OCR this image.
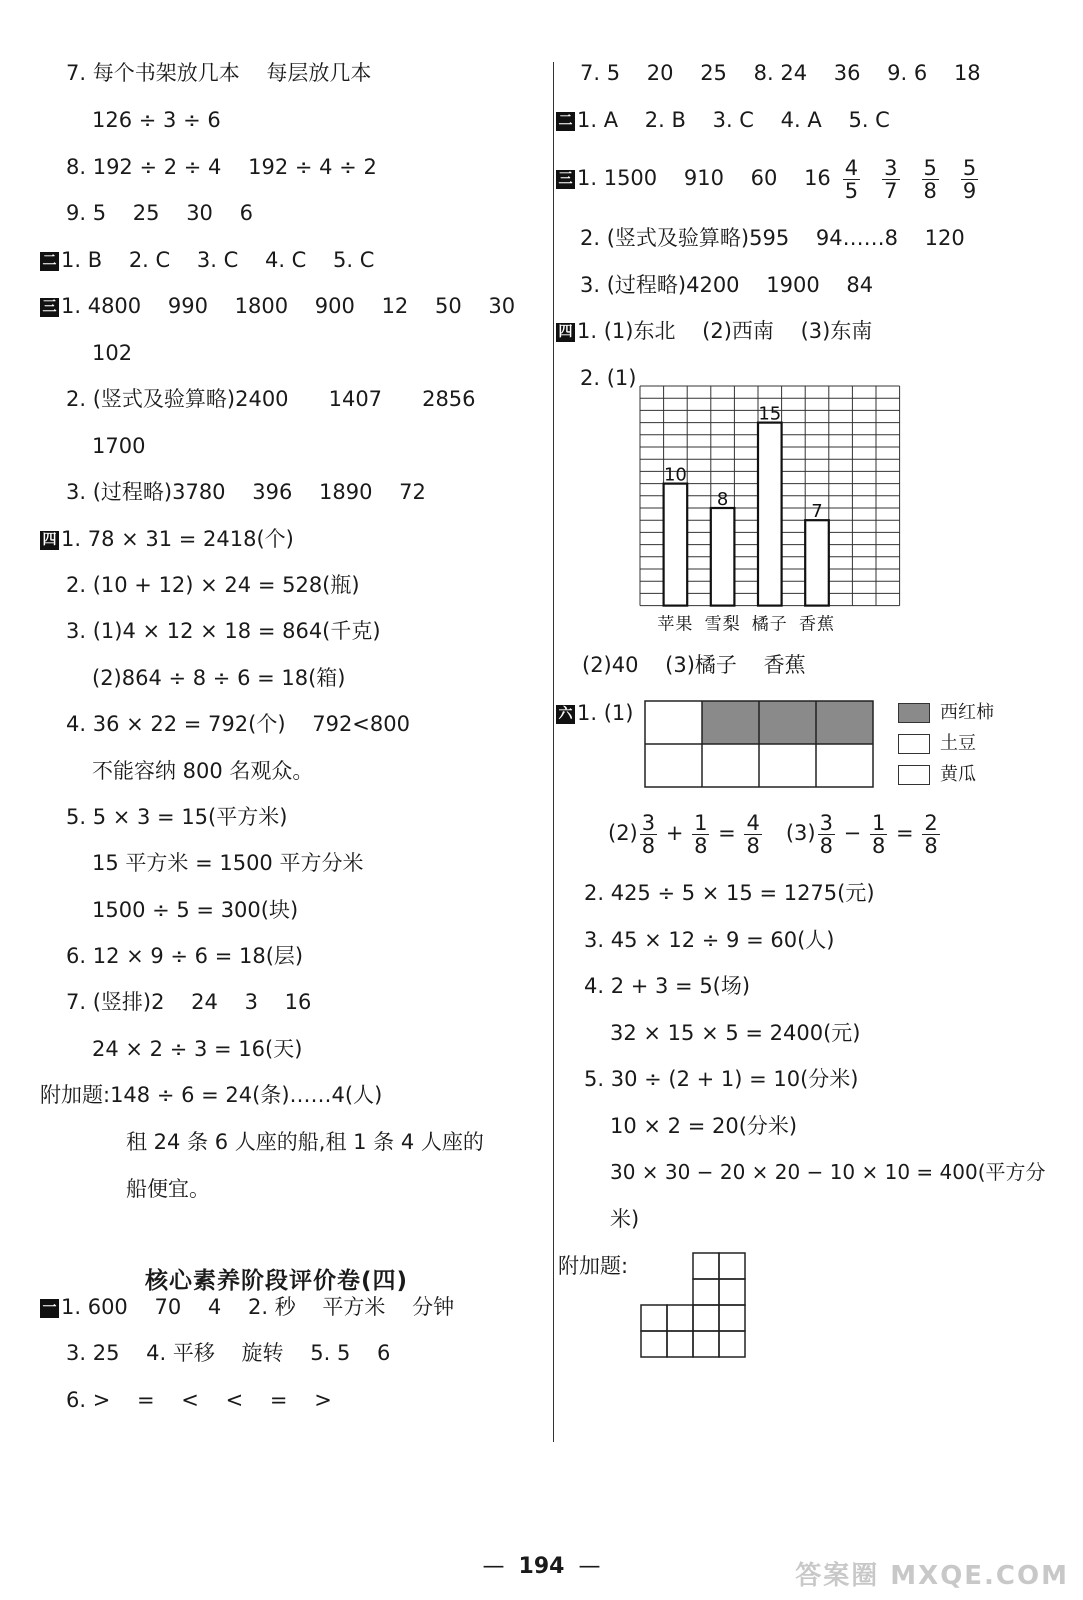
7. 每个书架放几本    每层放几本
126 ÷ 3 ÷ 6
8. 192 ÷ 2 ÷ 4    192 ÷ 4 ÷ 2
9. 5    25    30    6
二 1. B    2. C    3. C    4. C    5. C
三 1. 4800    990    1800    900    12    50    30
102
2. (竖式及验算略)2400      1407      2856
1700
3. (过程略)3780    396    1890    72
四 1. 78 × 31 = 2418(个)
2. (10 + 12) × 24 = 528(瓶)
3. (1)4 × 12 × 18 = 864(千克)
(2)864 ÷ 8 ÷ 6 = 18(箱)
4. 36 × 22 = 792(个)    792<800
不能容纳 800 名观众。
5. 5 × 3 = 15(平方米)
15 平方米 = 1500 平方分米
1500 ÷ 5 = 300(块)
6. 12 × 9 ÷ 6 = 18(层)
7. (竖排)2    24    3    16
24 × 2 ÷ 3 = 16(天)
附加题:148 ÷ 6 = 24(条)……4(人)
租 24 条 6 人座的船,租 1 条 4 人座的
船便宜。
核心素养阶段评价卷(四)
一 1. 600    70    4    2. 秒    平方米    分钟
3. 25    4. 平移    旋转    5. 5    6
6. >    =    <    <    =    >
7. 5    20    25    8. 24    36    9. 6    18
二 1. A    2. B    3. C    4. A    5. C
三 1. 1500    910    60    $16 \frac{4}{5} \frac{3}{7} \frac{5}{8} \frac{5}{9}$
2. (竖式及验算略)595    94……8    120
3. (过程略)4200    1900    84
四 1. (1)东北    (2)西南    (3)东南
2. (1)
10
苹果
8
雪梨
15
橘子
7
香蕉
(2)40    (3)橘子    香蕉
六 1. (1)	西红柿
土豆
黄瓜
$(2) \frac{3}{8} + \frac{1}{8} = \frac{4}{8} (3) \frac{3}{8} - \frac{1}{8} = \frac{2}{8}$
2. 425 ÷ 5 × 15 = 1275(元)
3. 45 × 12 ÷ 9 = 60(人)
4. 2 + 3 = 5(场)
32 × 15 × 5 = 2400(元)
5. 30 ÷ (2 + 1) = 10(分米)
10 × 2 = 20(分米)
30 × 30 − 20 × 20 − 10 × 10 = 400(平方分
米)
附加题:
— 194 —	答案圈 MXQE.COM
